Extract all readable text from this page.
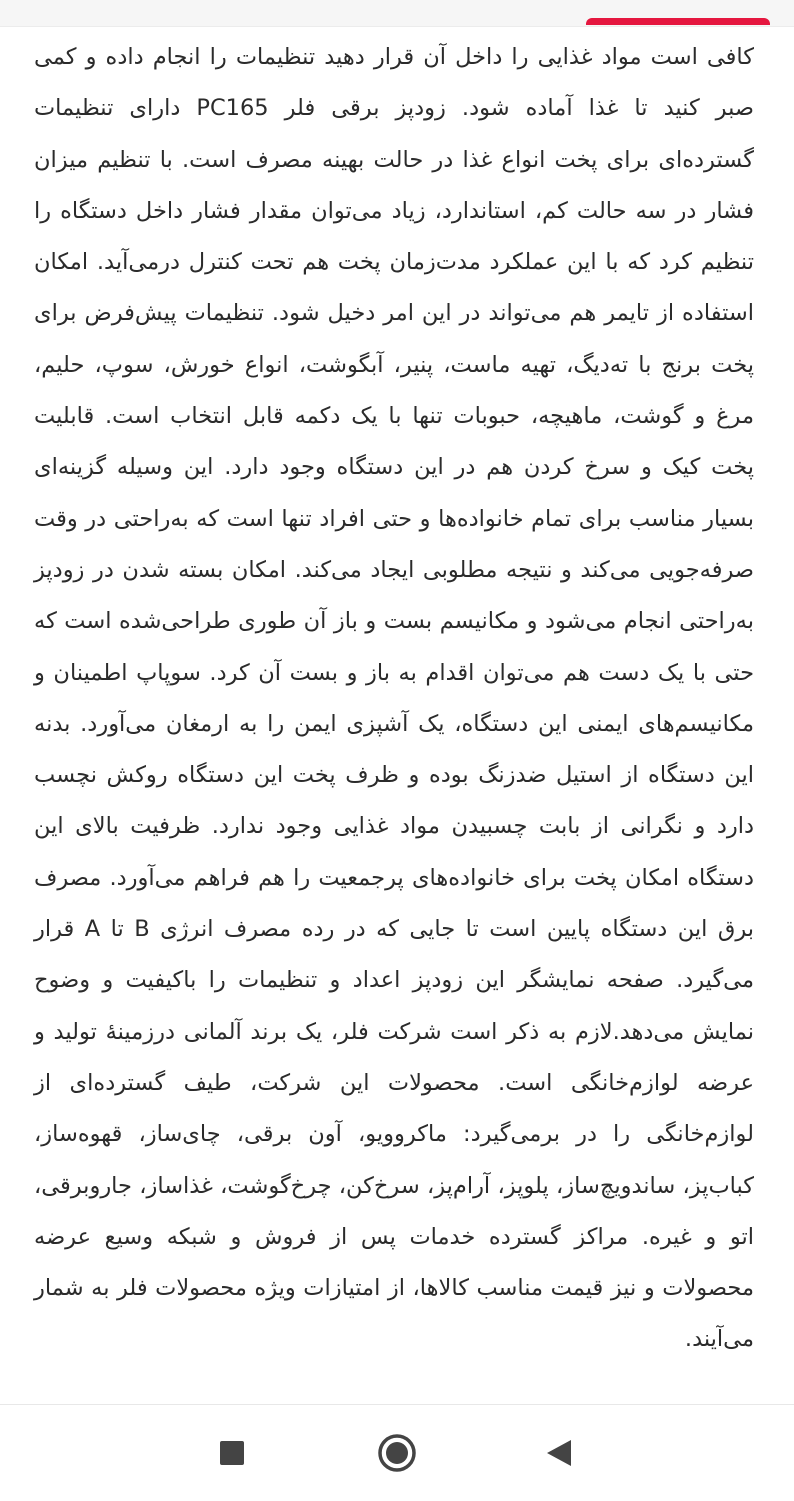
کافی است مواد غذایی را داخل آن قرار دهید تنظیمات را انجام داده و کمی صبر کنید تا غذا آماده شود. زودپز برقی فلر PC165 دارای تنظیمات گسترده‌ای برای پخت انواع غذا در حالت بهینه مصرف است. با تنظیم میزان فشار در سه حالت کم، استاندارد، زیاد می‌توان مقدار فشار داخل دستگاه را تنظیم کرد که با این عملکرد مدت‌زمان پخت هم تحت کنترل درمی‌آید. امکان استفاده از تایمر هم می‌تواند در این امر دخیل شود. تنظیمات پیش‌فرض برای پخت برنج با ته‌دیگ، تهیه ماست، پنیر، آبگوشت، انواع خورش، سوپ، حلیم، مرغ و گوشت، ماهیچه، حبوبات تنها با یک دکمه قابل انتخاب است. قابلیت پخت کیک و سرخ کردن هم در این دستگاه وجود دارد. این وسیله گزینه‌ای بسیار مناسب برای تمام خانواده‌ها و حتی افراد تنها است که به‌راحتی در وقت صرفه‌جویی می‌کند و نتیجه مطلوبی ایجاد می‌کند. امکان بسته شدن در زودپز به‌راحتی انجام می‌شود و مکانیسم بست و باز آن طوری طراحی‌شده است که حتی با یک دست هم می‌توان اقدام به باز و بست آن کرد. سوپاپ اطمینان و مکانیسم‌های ایمنی این دستگاه، یک آشپزی ایمن را به ارمغان می‌آورد. بدنه این دستگاه از استیل ضدزنگ بوده و ظرف پخت این دستگاه روکش نچسب دارد و نگرانی از بابت چسبیدن مواد غذایی وجود ندارد. ظرفیت بالای این دستگاه امکان پخت برای خانواده‌های پرجمعیت را هم فراهم می‌آورد. مصرف برق این دستگاه پایین است تا جایی که در رده مصرف انرژی B تا A قرار می‌گیرد. صفحه نمایشگر این زودپز اعداد و تنظیمات را باکیفیت و وضوح نمایش می‌دهد.لازم به ذکر است شرکت فلر، یک برند آلمانی درزمینهٔ تولید و عرضه لوازم‌خانگی است. محصولات این شرکت، طیف گسترده‌ای از لوازم‌خانگی را در برمی‌گیرد: ماکروویو، آون برقی، چای‌ساز، قهوه‌ساز، کباب‌پز، ساندویچ‌ساز، پلوپز، آرام‌پز، سرخ‌کن، چرخ‌گوشت، غذاساز، جاروبرقی، اتو و غیره. مراکز گسترده خدمات پس از فروش و شبکه وسیع عرضه محصولات و نیز قیمت مناسب کالاها، از امتیازات ویژه محصولات فلر به شمار می‌آیند.
